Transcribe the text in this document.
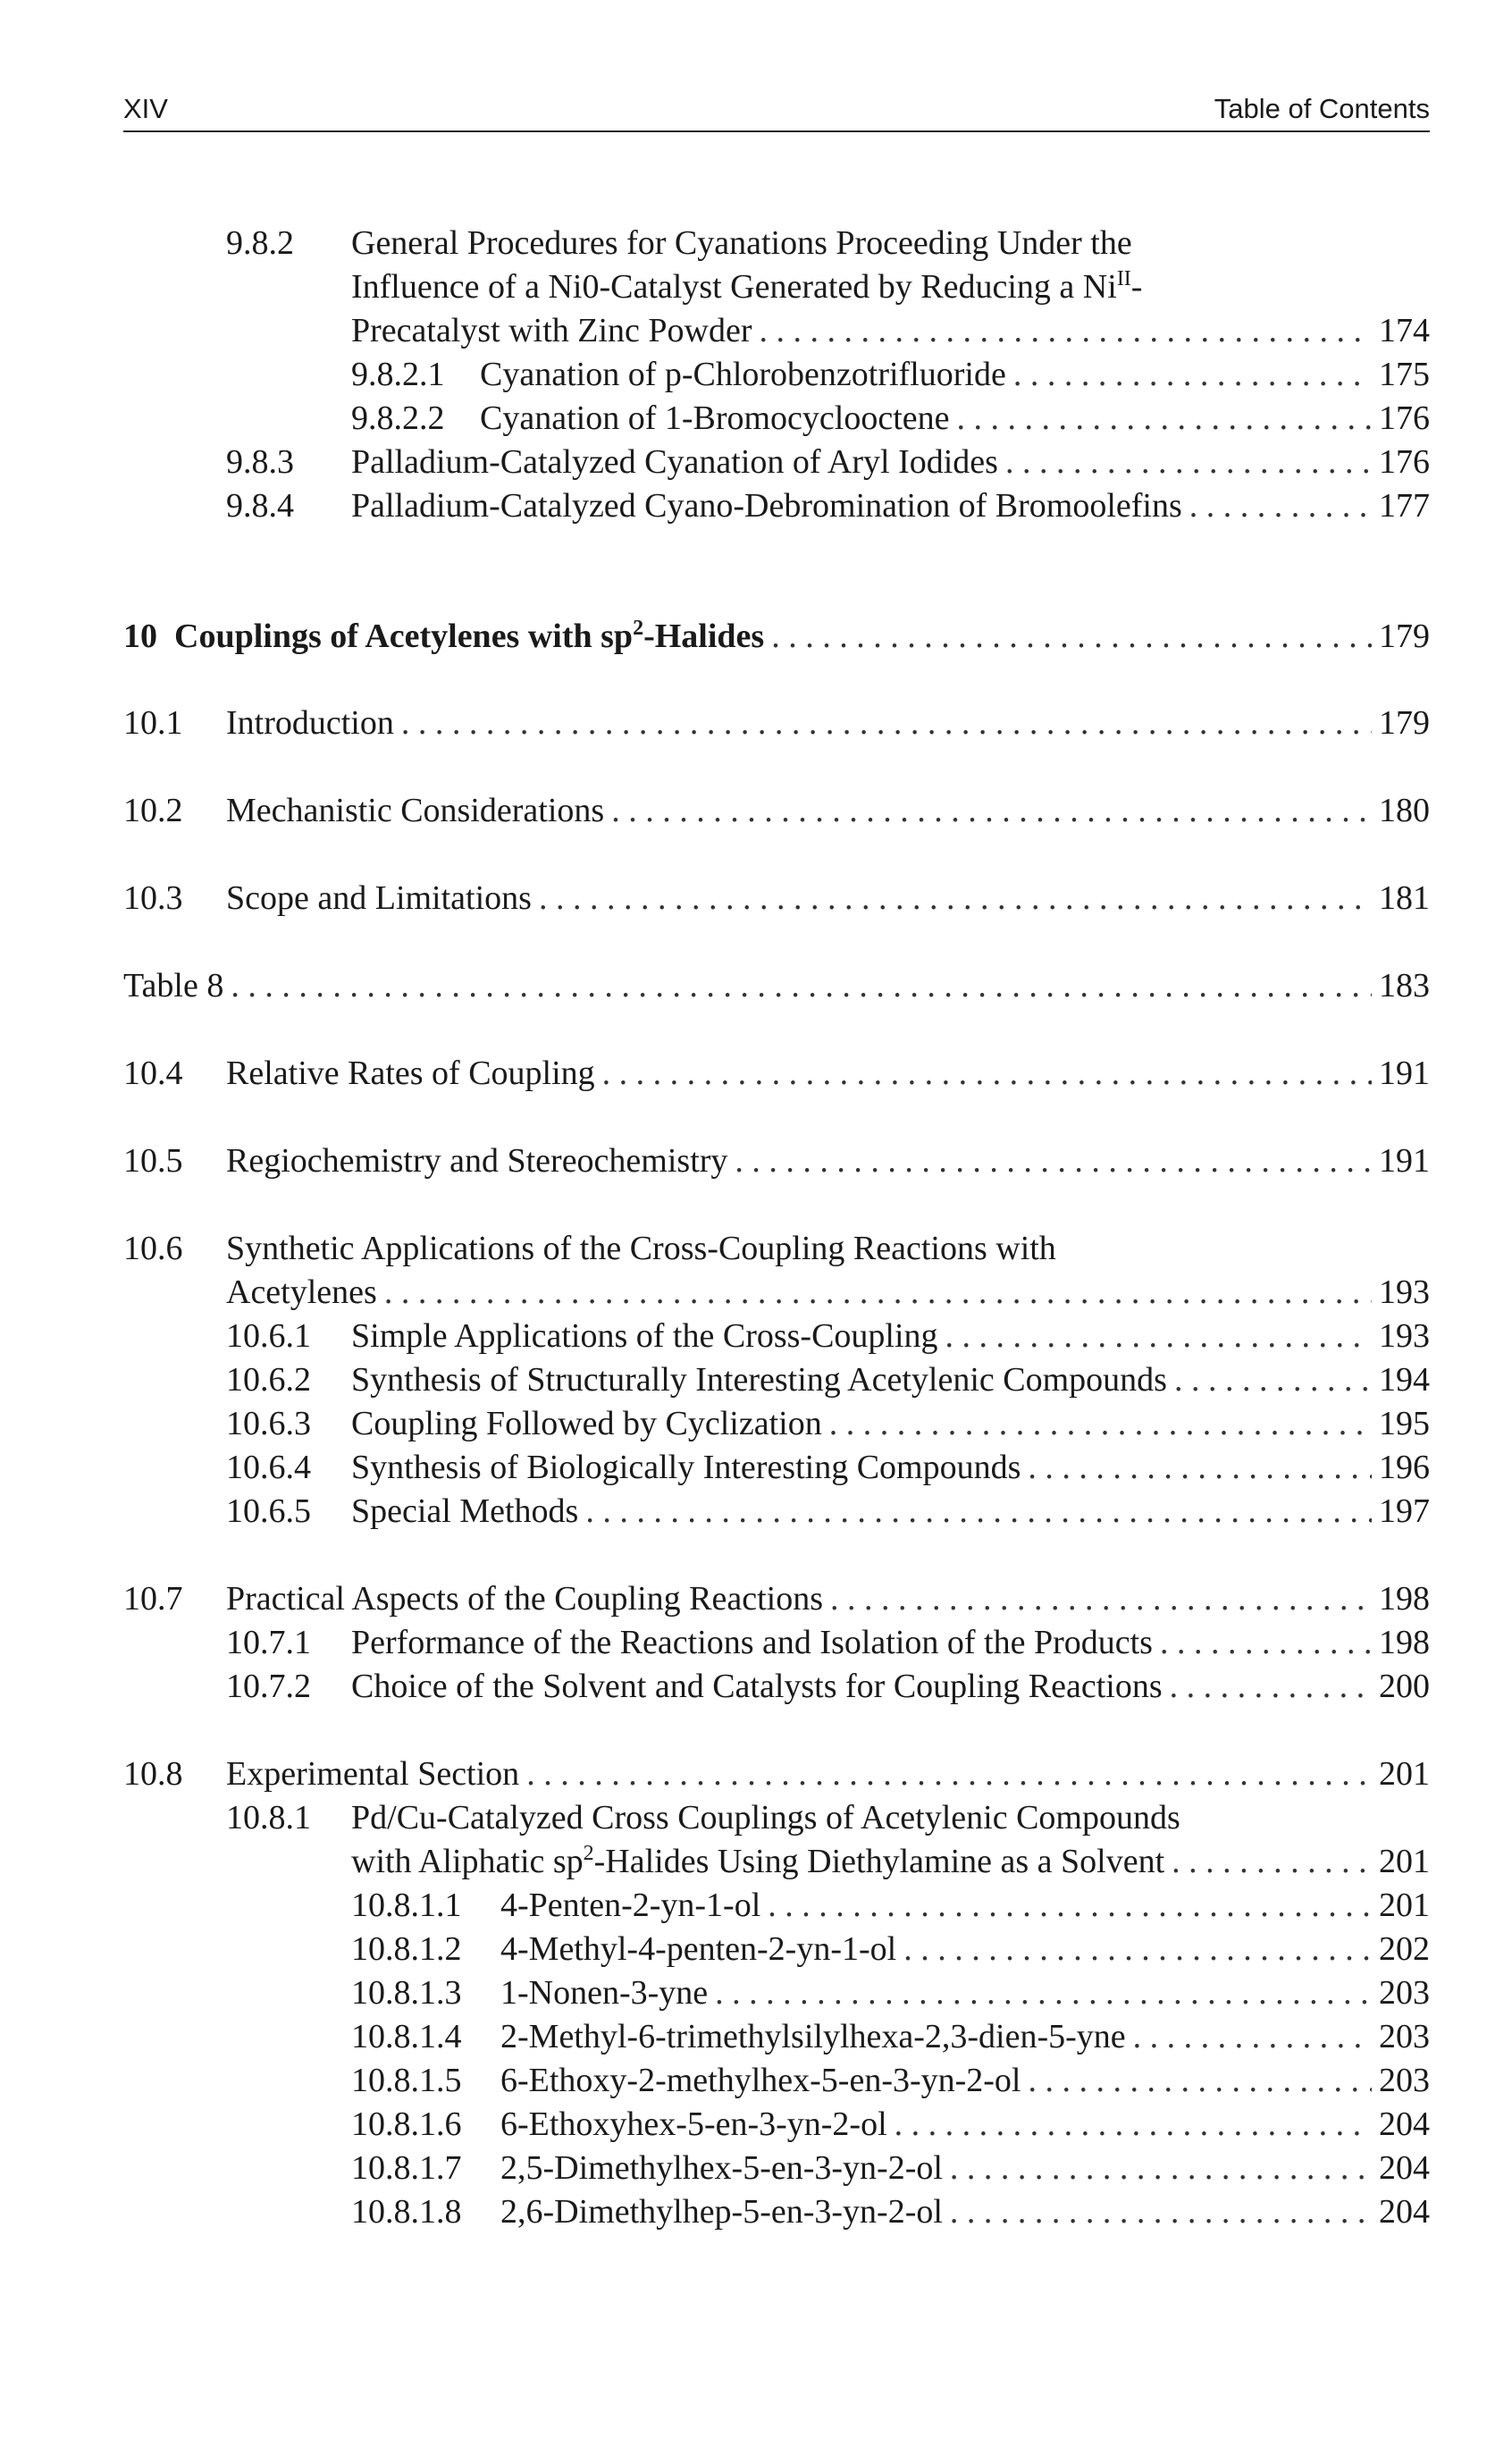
XIV	Table of Contents
9.8.2 General Procedures for Cyanations Proceeding Under the
Influence of a Ni0-Catalyst Generated by Reducing a $Ni^{II}-$
Precatalyst with Zinc Powder . . .	174
9.8.2.1 Cyanation of p-Chlorobenzotrifluoride . . .	175
9.8.2.2 Cyanation of 1-Bromocyclooctene . . .	176
9.8.3 Palladium-Catalyzed Cyanation of Aryl Iodides . . .	176
9.8.4 Palladium-Catalyzed Cyano-Debromination of Bromoolefins . . .	177
10 Couplings of Acetylenes with $sp^2$-Halides . . .	179
10.1 Introduction . . .	179
10.2 Mechanistic Considerations . . .	180
10.3 Scope and Limitations . . .	181
Table 8 . . .	183
10.4 Relative Rates of Coupling . . .	191
10.5 Regiochemistry and Stereochemistry . . .	191
10.6 Synthetic Applications of the Cross-Coupling Reactions with
Acetylenes . . .	193
10.6.1 Simple Applications of the Cross-Coupling . . .	193
10.6.2 Synthesis of Structurally Interesting Acetylenic Compounds . . .	194
10.6.3 Coupling Followed by Cyclization . . .	195
10.6.4 Synthesis of Biologically Interesting Compounds . . .	196
10.6.5 Special Methods . . .	197
10.7 Practical Aspects of the Coupling Reactions . . .	198
10.7.1 Performance of the Reactions and Isolation of the Products . . .	198
10.7.2 Choice of the Solvent and Catalysts for Coupling Reactions . . .	200
10.8 Experimental Section . . .	201
10.8.1 Pd/Cu-Catalyzed Cross Couplings of Acetylenic Compounds
with Aliphatic $sp^2$-Halides Using Diethylamine as a Solvent . . .	201
10.8.1.1 4-Penten-2-yn-1-ol . . .	201
10.8.1.2 4-Methyl-4-penten-2-yn-1-ol . . .	202
10.8.1.3 1-Nonen-3-yne . . .	203
10.8.1.4 2-Methyl-6-trimethylsilylhexa-2,3-dien-5-yne . . .	203
10.8.1.5 6-Ethoxy-2-methylhex-5-en-3-yn-2-ol . . .	203
10.8.1.6 6-Ethoxyhex-5-en-3-yn-2-ol . . .	204
10.8.1.7 2,5-Dimethylhex-5-en-3-yn-2-ol . . .	204
10.8.1.8 2,6-Dimethylhep-5-en-3-yn-2-ol . . .	204
